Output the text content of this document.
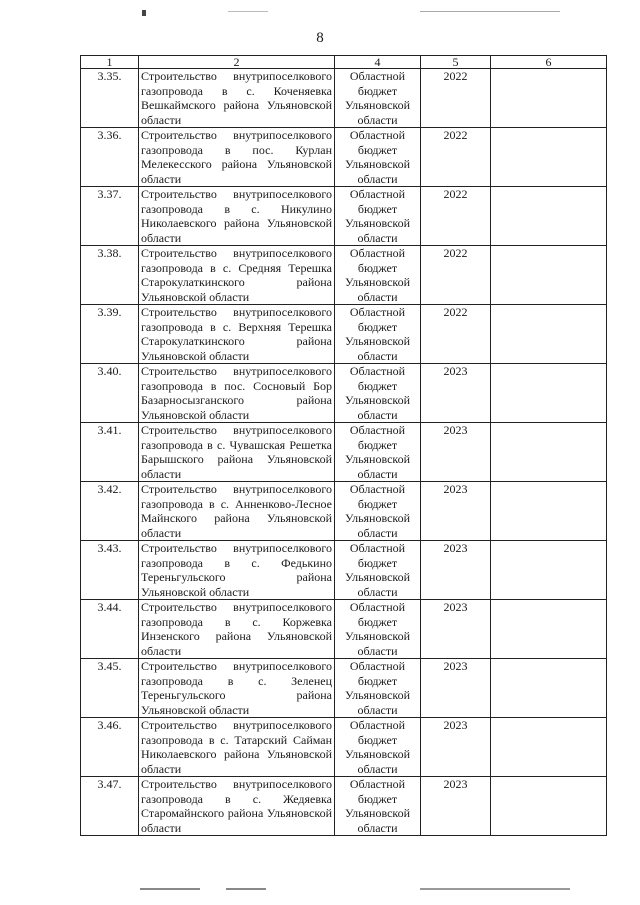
8
1	2	4	5	6
3.35.	Строительство внутрипоселкового газопровода в с. Коченяевка Вешкаймского района Ульяновской области	Областной бюджет Ульяновской области	2022	
3.36.	Строительство внутрипоселкового газопровода в пос. Курлан Мелекесского района Ульяновской области	Областной бюджет Ульяновской области	2022	
3.37.	Строительство внутрипоселкового газопровода в с. Никулино Николаевского района Ульяновской области	Областной бюджет Ульяновской области	2022	
3.38.	Строительство внутрипоселкового газопровода в с. Средняя Терешка Старокулаткинского района Ульяновской области	Областной бюджет Ульяновской области	2022	
3.39.	Строительство внутрипоселкового газопровода в с. Верхняя Терешка Старокулаткинского района Ульяновской области	Областной бюджет Ульяновской области	2022	
3.40.	Строительство внутрипоселкового газопровода в пос. Сосновый Бор Базарносызганского района Ульяновской области	Областной бюджет Ульяновской области	2023	
3.41.	Строительство внутрипоселкового газопровода в с. Чувашская Решетка Барышского района Ульяновской области	Областной бюджет Ульяновской области	2023	
3.42.	Строительство внутрипоселкового газопровода в с. Анненково-Лесное Майнского района Ульяновской области	Областной бюджет Ульяновской области	2023	
3.43.	Строительство внутрипоселкового газопровода в с. Федькино Тереньгульского района Ульяновской области	Областной бюджет Ульяновской области	2023	
3.44.	Строительство внутрипоселкового газопровода в с. Коржевка Инзенского района Ульяновской области	Областной бюджет Ульяновской области	2023	
3.45.	Строительство внутрипоселкового газопровода в с. Зеленец Тереньгульского района Ульяновской области	Областной бюджет Ульяновской области	2023	
3.46.	Строительство внутрипоселкового газопровода в с. Татарский Сайман Николаевского района Ульяновской области	Областной бюджет Ульяновской области	2023	
3.47.	Строительство внутрипоселкового газопровода в с. Жедяевка Старомайнского района Ульяновской области	Областной бюджет Ульяновской области	2023	
